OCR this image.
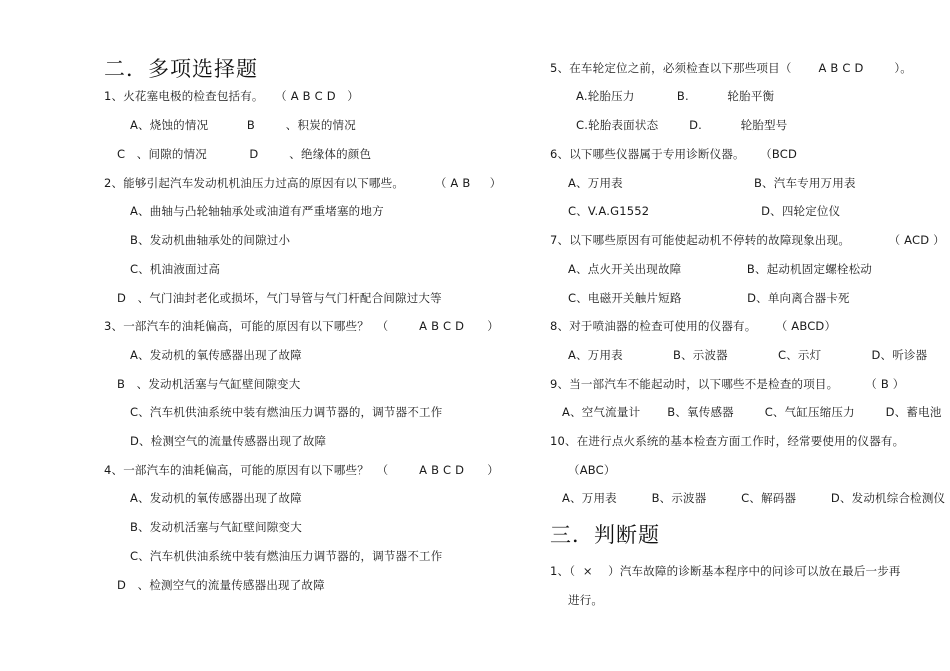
二．多项选择题
1、火花塞电极的检查包括有。   （ A B C D   ）
A、烧蚀的情况          B        、积炭的情况
C   、间隙的情况           D        、绝缘体的颜色
2、能够引起汽车发动机机油压力过高的原因有以下哪些。        （ A B     ）
A、曲轴与凸轮轴轴承处或油道有严重堵塞的地方
B、发动机曲轴承处的间隙过小
C、机油液面过高
D   、气门油封老化或损坏，气门导管与气门杆配合间隙过大等
3、一部汽车的油耗偏高，可能的原因有以下哪些？  （        A B C D      ）
A、发动机的氧传感器出现了故障
B   、发动机活塞与气缸壁间隙变大
C、汽车机供油系统中装有燃油压力调节器的，调节器不工作
D、检测空气的流量传感器出现了故障
4、一部汽车的油耗偏高，可能的原因有以下哪些？  （        A B C D      ）
A、发动机的氧传感器出现了故障
B、发动机活塞与气缸壁间隙变大
C、汽车机供油系统中装有燃油压力调节器的，调节器不工作
D   、检测空气的流量传感器出现了故障
5、在车轮定位之前，必须检查以下那些项目（       A B C D        ）。
A.轮胎压力           B.          轮胎平衡
C.轮胎表面状态        D.          轮胎型号
6、以下哪些仪器属于专用诊断仪器。    （BCD
A、万用表                                  B、汽车专用万用表
C、V.A.G1552                             D、四轮定位仪
7、以下哪些原因有可能使起动机不停转的故障现象出现。          （ ACD ）
A、点火开关出现故障                 B、起动机固定螺栓松动
C、电磁开关触片短路                 D、单向离合器卡死
8、对于喷油器的检查可使用的仪器有。     （ ABCD）
A、万用表             B、示波器             C、示灯             D、听诊器
9、当一部汽车不能起动时，以下哪些不是检查的项目。       （ B ）
A、空气流量计       B、氧传感器        C、气缸压缩压力        D、蓄电池
10、在进行点火系统的基本检查方面工作时，经常要使用的仪器有。
（ABC）
A、万用表         B、示波器         C、解码器         D、发动机综合检测仪
三．判断题
1、（  ×    ）汽车故障的诊断基本程序中的问诊可以放在最后一步再
进行。
